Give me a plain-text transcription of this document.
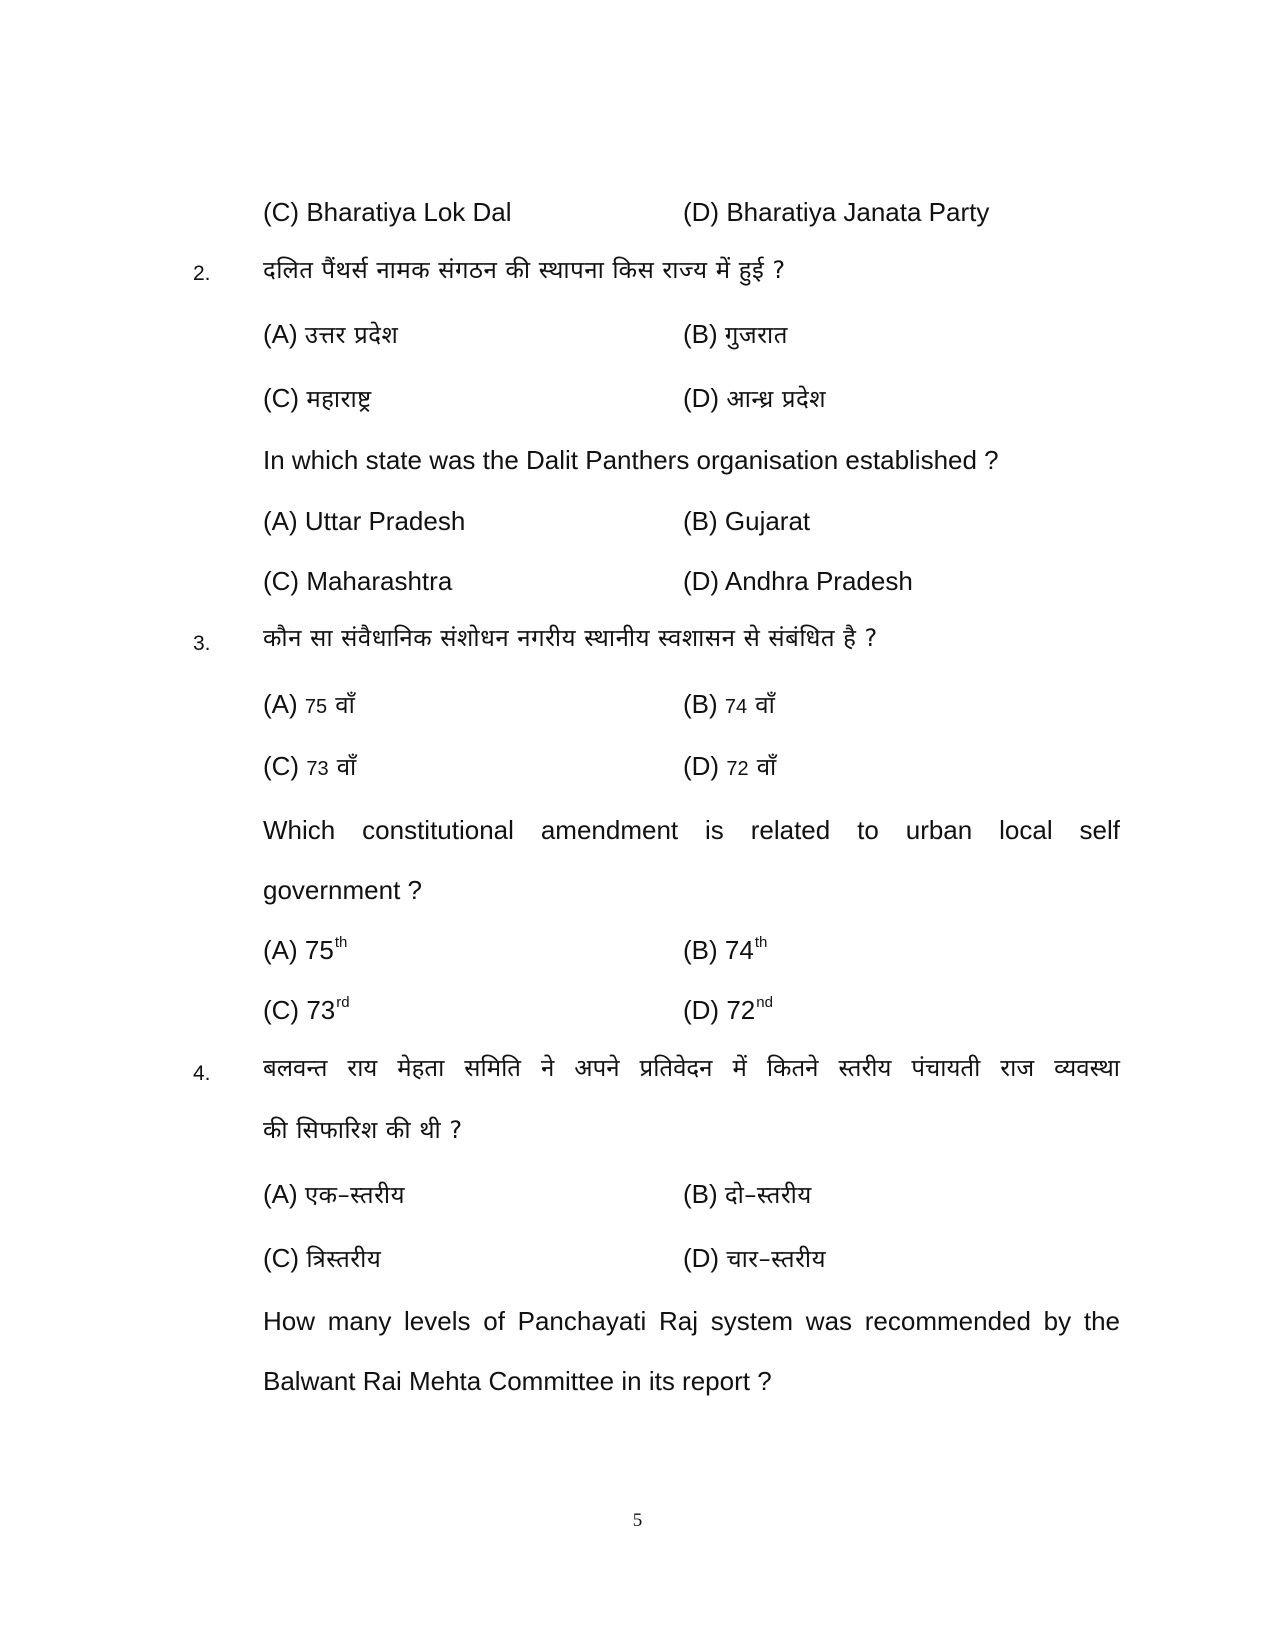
(C) Bharatiya Lok Dal	(D) Bharatiya Janata Party
2. दलित पैंथर्स नामक संगठन की स्थापना किस राज्य में हुई ?
(A) उत्तर प्रदेश	(B) गुजरात
(C) महाराष्ट्र	(D) आन्ध्र प्रदेश
In which state was the Dalit Panthers organisation established ?
(A) Uttar Pradesh	(B) Gujarat
(C) Maharashtra	(D) Andhra Pradesh
3. कौन सा संवैधानिक संशोधन नगरीय स्थानीय स्वशासन से संबंधित है ?
(A) 75 वाँ	(B) 74 वाँ
(C) 73 वाँ	(D) 72 वाँ
Which constitutional amendment is related to urban local self
government ?
(A) 75th	(B) 74th
(C) 73rd	(D) 72nd
4. बलवन्त राय मेहता समिति ने अपने प्रतिवेदन में कितने स्तरीय पंचायती राज व्यवस्था
की सिफारिश की थी ?
(A) एक–स्तरीय	(B) दो–स्तरीय
(C) त्रिस्तरीय	(D) चार–स्तरीय
How many levels of Panchayati Raj system was recommended by the
Balwant Rai Mehta Committee in its report ?
5
